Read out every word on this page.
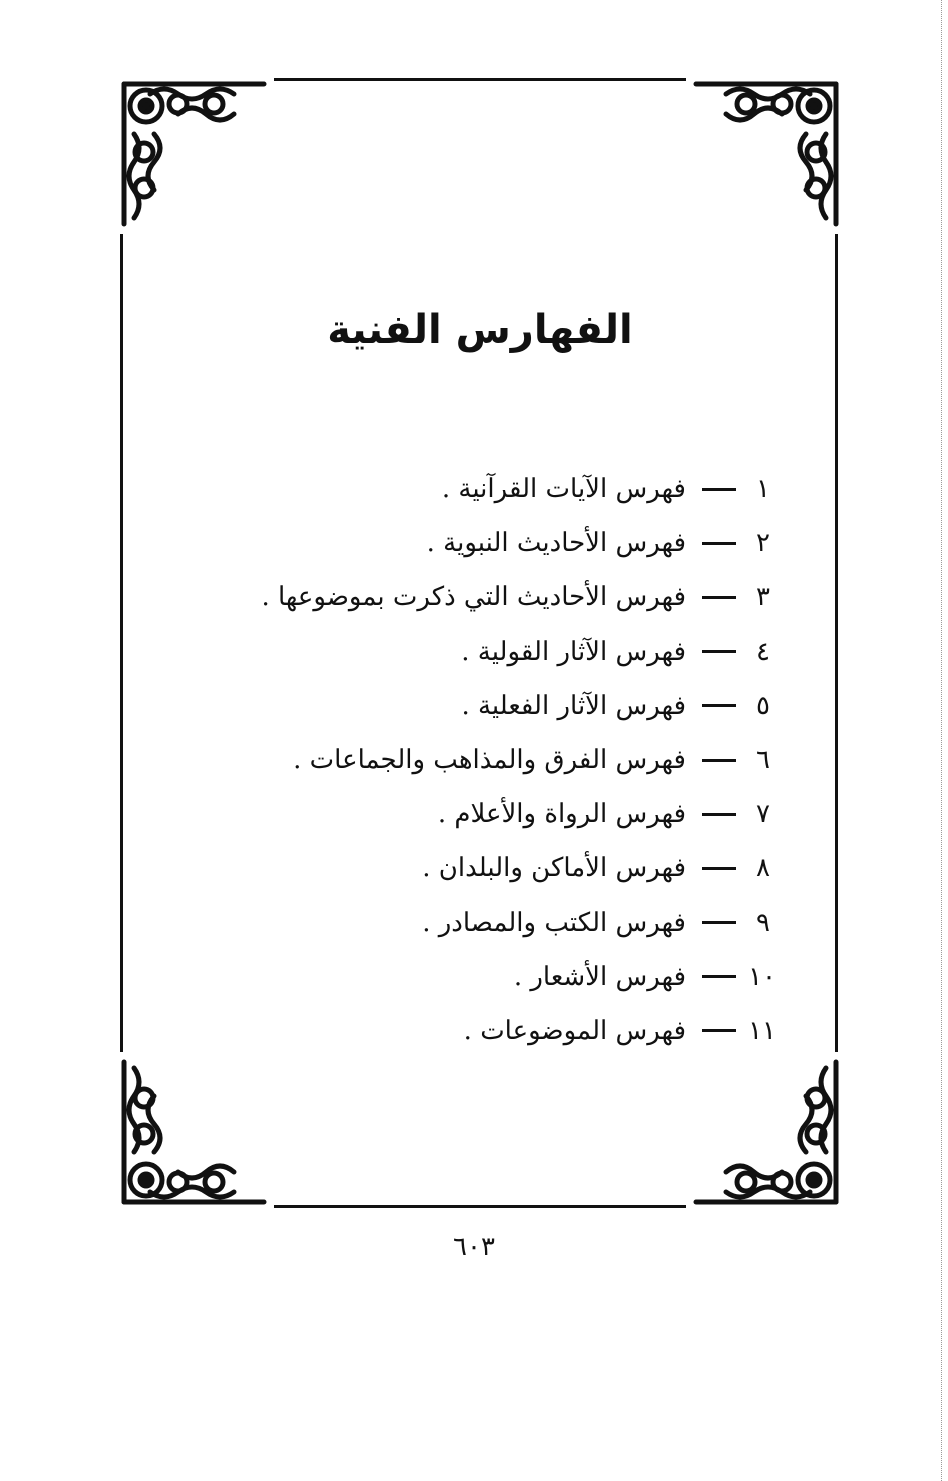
الفهارس الفنية
١
فهرس الآيات القرآنية .
٢
فهرس الأحاديث النبوية .
٣
فهرس الأحاديث التي ذكرت بموضوعها .
٤
فهرس الآثار القولية .
٥
فهرس الآثار الفعلية .
٦
فهرس الفرق والمذاهب والجماعات .
٧
فهرس الرواة والأعلام .
٨
فهرس الأماكن والبلدان .
٩
فهرس الكتب والمصادر .
١٠
فهرس الأشعار .
١١
فهرس الموضوعات .
٦٠٣
